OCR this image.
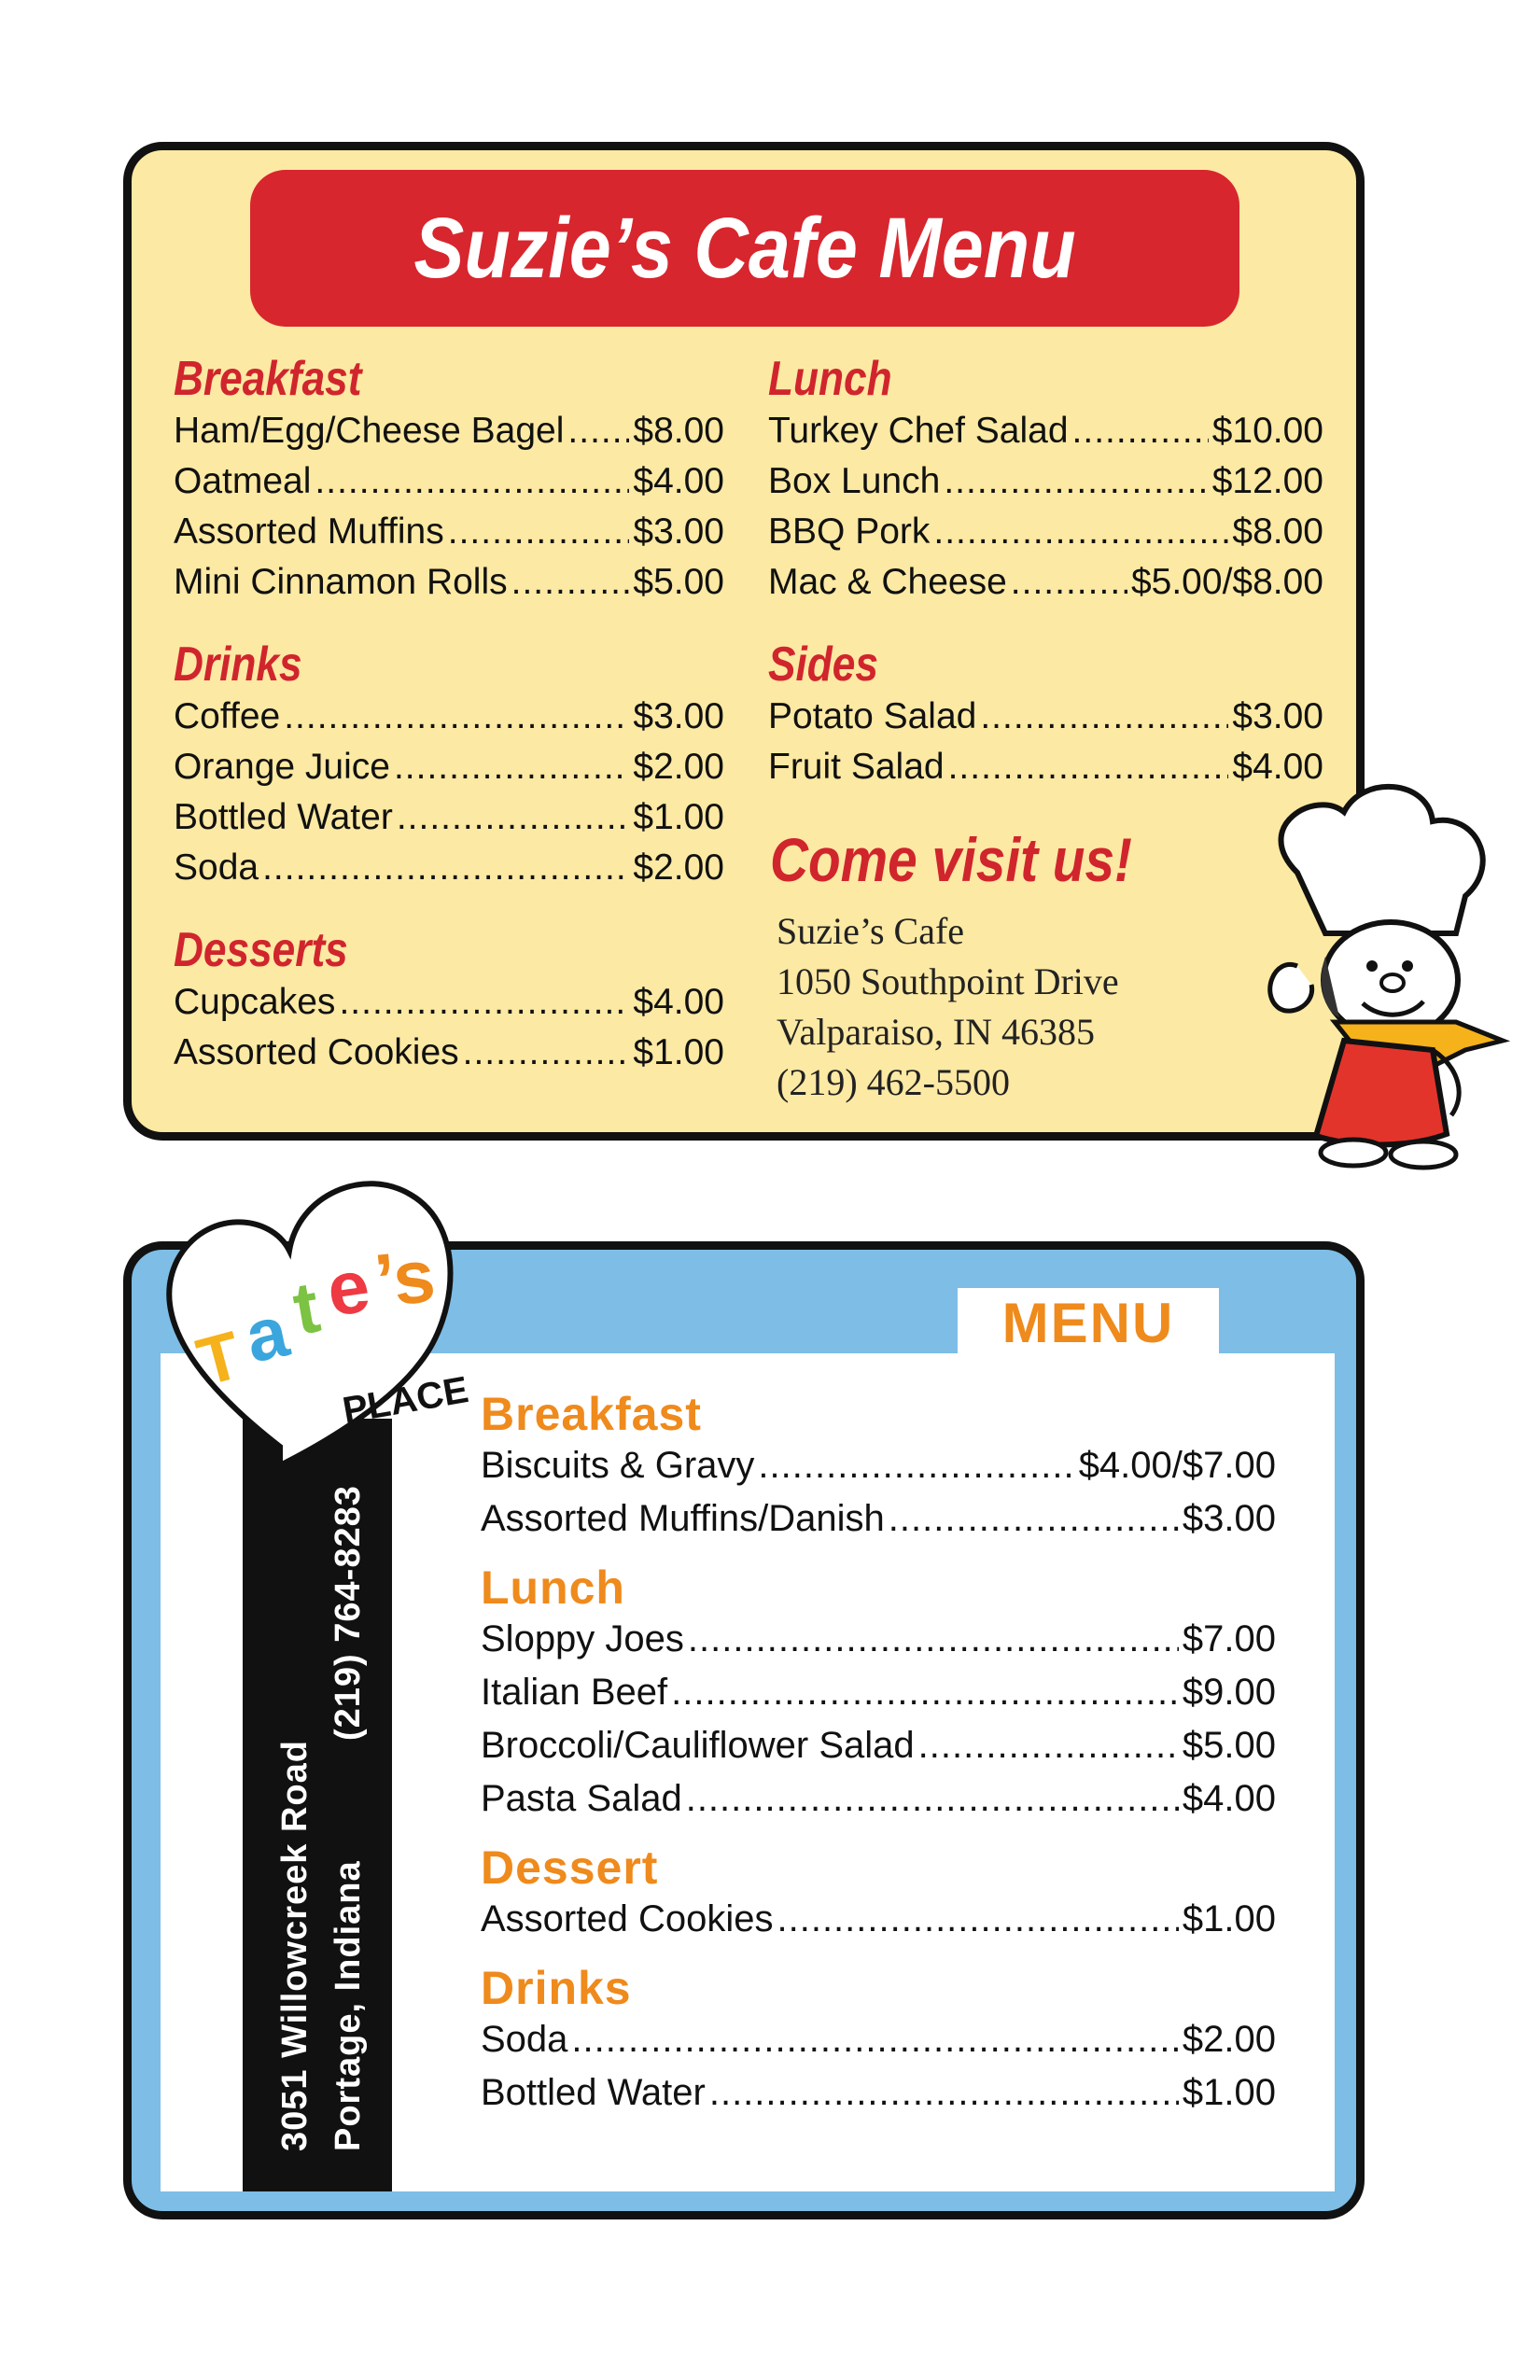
Suzie’s Cafe Menu
Breakfast
Ham/Egg/Cheese Bagel ..... $8.00
Oatmeal .....	$4.00
Assorted Muffins .....	$3.00
Mini Cinnamon Rolls .....	$5.00
Drinks
Coffee .....	$3.00
Orange Juice .....	$2.00
Bottled Water .....	$1.00
Soda .....	$2.00
Desserts
Cupcakes .....	$4.00
Assorted Cookies .....	$1.00
Lunch
Turkey Chef Salad .....	$10.00
Box Lunch .....	$12.00
BBQ Pork .....	$8.00
Mac & Cheese .....	$5.00/$8.00
Sides
Potato Salad .....	$3.00
Fruit Salad .....	$4.00
Come visit us!
Suzie’s Cafe
1050 Southpoint Drive
Valparaiso, IN 46385
(219) 462-5500
MENU
3051 Willowcreek Road Portage, Indiana
(219) 764-8283
T
a
t
e
’s
PLACE Breakfast
Biscuits & Gravy .....	$4.00/$7.00
Assorted Muffins/Danish .....	$3.00
Lunch
Sloppy Joes .....	$7.00
Italian Beef .....	$9.00
Broccoli/Cauliflower Salad .....	$5.00
Pasta Salad .....	$4.00
Dessert
Assorted Cookies .....	$1.00
Drinks
Soda .....	$2.00
Bottled Water .....	$1.00
